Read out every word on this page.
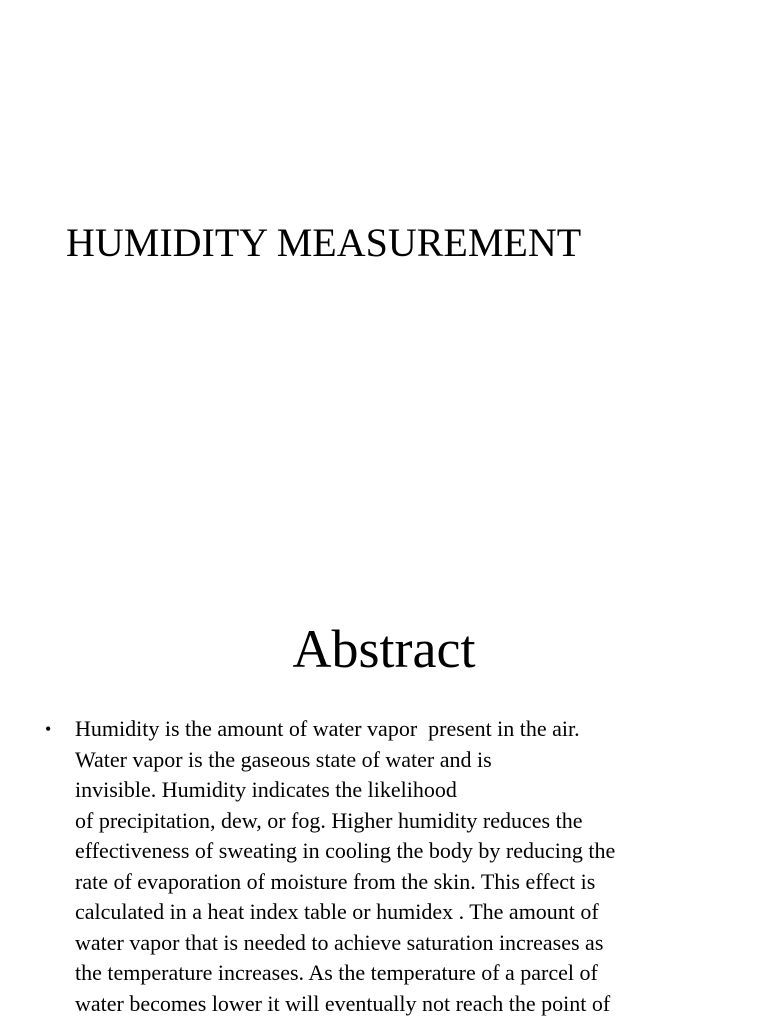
HUMIDITY MEASUREMENT
Abstract
• Humidity is the amount of water vapor  present in the air.
Water vapor is the gaseous state of water and is
invisible. Humidity indicates the likelihood
of precipitation, dew, or fog. Higher humidity reduces the
effectiveness of sweating in cooling the body by reducing the
rate of evaporation of moisture from the skin. This effect is
calculated in a heat index table or humidex . The amount of
water vapor that is needed to achieve saturation increases as
the temperature increases. As the temperature of a parcel of
water becomes lower it will eventually not reach the point of
